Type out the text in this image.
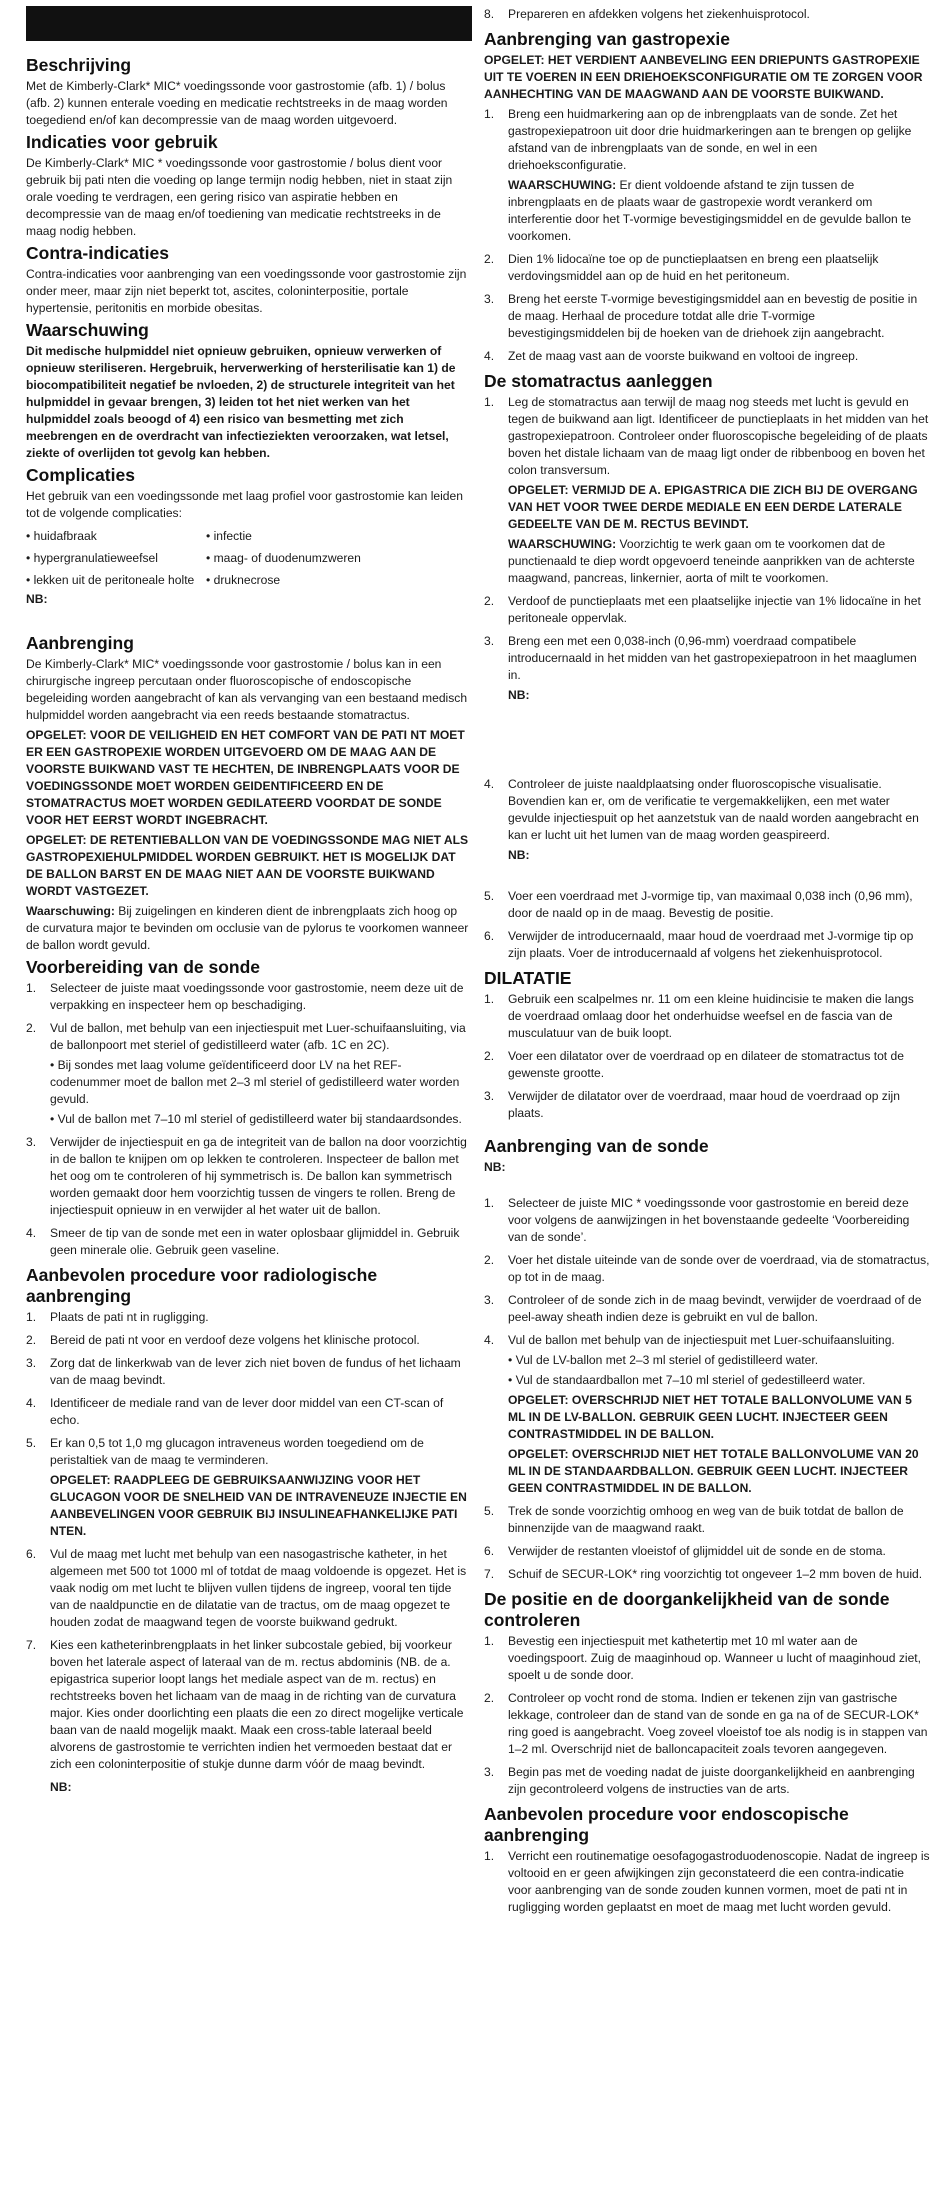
Beschrijving

Met de Kimberly-Clark* MIC* voedingssonde voor gastrostomie (afb. 1) / bolus (afb. 2) kunnen enterale voeding en medicatie rechtstreeks in de maag worden toegediend en/of kan decompressie van de maag worden uitgevoerd.

Indicaties voor gebruik

De Kimberly-Clark* MIC * voedingssonde voor gastrostomie / bolus dient voor gebruik bij pati nten die voeding op lange termijn nodig hebben, niet in staat zijn orale voeding te verdragen, een gering risico van aspiratie hebben en decompressie van de maag en/of toediening van medicatie rechtstreeks in de maag nodig hebben.

Contra-indicaties

Contra-indicaties voor aanbrenging van een voedingssonde voor gastrostomie zijn onder meer, maar zijn niet beperkt tot, ascites, coloninterpositie, portale hypertensie, peritonitis en morbide obesitas.

Waarschuwing

Dit medische hulpmiddel niet opnieuw gebruiken, opnieuw verwerken of opnieuw steriliseren. Hergebruik, herverwerking of hersterilisatie kan 1) de biocompatibiliteit negatief be nvloeden, 2) de structurele integriteit van het hulpmiddel in gevaar brengen, 3) leiden tot het niet werken van het hulpmiddel zoals beoogd of 4) een risico van besmetting met zich meebrengen en de overdracht van infectieziekten veroorzaken, wat letsel, ziekte of overlijden tot gevolg kan hebben.

Complicaties

Het gebruik van een voedingssonde met laag profiel voor gastrostomie kan leiden tot de volgende complicaties:

• huidafbraak	• infectie
• hypergranulatieweefsel	• maag- of duodenumzweren
• lekken uit de peritoneale holte • druknecrose

NB:

Aanbrenging

De Kimberly-Clark* MIC* voedingssonde voor gastrostomie / bolus kan in een chirurgische ingreep percutaan onder fluoroscopische of endoscopische begeleiding worden aangebracht of kan als vervanging van een bestaand medisch hulpmiddel worden aangebracht via een reeds bestaande stomatractus.

OPGELET: VOOR DE VEILIGHEID EN HET COMFORT VAN DE PATI NT MOET ER EEN GASTROPEXIE WORDEN UITGEVOERD OM DE MAAG AAN DE VOORSTE BUIKWAND VAST TE HECHTEN, DE INBRENGPLAATS VOOR DE VOEDINGSSONDE MOET WORDEN GEIDENTIFICEERD EN DE STOMATRACTUS MOET WORDEN GEDILATEERD VOORDAT DE SONDE VOOR HET EERST WORDT INGEBRACHT.

OPGELET: DE RETENTIEBALLON VAN DE VOEDINGSSONDE MAG NIET ALS GASTROPEXIEHULPMIDDEL WORDEN GEBRUIKT. HET IS MOGELIJK DAT DE BALLON BARST EN DE MAAG NIET AAN DE VOORSTE BUIKWAND WORDT VASTGEZET.

Waarschuwing: Bij zuigelingen en kinderen dient de inbrengplaats zich hoog op de curvatura major te bevinden om occlusie van de pylorus te voorkomen wanneer de ballon wordt gevuld.

Voorbereiding van de sonde
1. Selecteer de juiste maat voedingssonde voor gastrostomie, neem deze uit de verpakking en inspecteer hem op beschadiging.
2. Vul de ballon, met behulp van een injectiespuit met Luer-schuifaansluiting, via de ballonpoort met steriel of gedistilleerd water (afb. 1C en 2C).
• Bij sondes met laag volume geïdentificeerd door LV na het REF-codenummer moet de ballon met 2–3 ml steriel of gedistilleerd water worden gevuld.
• Vul de ballon met 7–10 ml steriel of gedistilleerd water bij standaardsondes.
3. Verwijder de injectiespuit en ga de integriteit van de ballon na door voorzichtig in de ballon te knijpen om op lekken te controleren. Inspecteer de ballon met het oog om te controleren of hij symmetrisch is. De ballon kan symmetrisch worden gemaakt door hem voorzichtig tussen de vingers te rollen. Breng de injectiespuit opnieuw in en verwijder al het water uit de ballon.
4. Smeer de tip van de sonde met een in water oplosbaar glijmiddel in. Gebruik geen minerale olie. Gebruik geen vaseline.
Aanbevolen procedure voor radiologische aanbrenging
1. Plaats de pati nt in rugligging.
2. Bereid de pati nt voor en verdoof deze volgens het klinische protocol.
3. Zorg dat de linkerkwab van de lever zich niet boven de fundus of het lichaam van de maag bevindt.
4. Identificeer de mediale rand van de lever door middel van een CT-scan of echo.
5. Er kan 0,5 tot 1,0 mg glucagon intraveneus worden toegediend om de peristaltiek van de maag te verminderen.
OPGELET: RAADPLEEG DE GEBRUIKSAANWIJZING VOOR HET GLUCAGON VOOR DE SNELHEID VAN DE INTRAVENEUZE INJECTIE EN AANBEVELINGEN VOOR GEBRUIK BIJ INSULINEAFHANKELIJKE PATI NTEN.
6. Vul de maag met lucht met behulp van een nasogastrische katheter, in het algemeen met 500 tot 1000 ml of totdat de maag voldoende is opgezet. Het is vaak nodig om met lucht te blijven vullen tijdens de ingreep, vooral ten tijde van de naaldpunctie en de dilatatie van de tractus, om de maag opgezet te houden zodat de maagwand tegen de voorste buikwand gedrukt.
7. Kies een katheterinbrengplaats in het linker subcostale gebied, bij voorkeur boven het laterale aspect of lateraal van de m. rectus abdominis (NB. de a. epigastrica superior loopt langs het mediale aspect van de m. rectus) en rechtstreeks boven het lichaam van de maag in de richting van de curvatura major. Kies onder doorlichting een plaats die een zo direct mogelijke verticale baan van de naald mogelijk maakt. Maak een cross-table lateraal beeld alvorens de gastrostomie te verrichten indien het vermoeden bestaat dat er zich een coloninterpositie of stukje dunne darm vóór de maag bevindt.

NB:

8. Prepareren en afdekken volgens het ziekenhuisprotocol.
Aanbrenging van gastropexie

OPGELET: HET VERDIENT AANBEVELING EEN DRIEPUNTS GASTROPEXIE UIT TE VOEREN IN EEN DRIEHOEKSCONFIGURATIE OM TE ZORGEN VOOR AANHECHTING VAN DE MAAGWAND AAN DE VOORSTE BUIKWAND.

1. Breng een huidmarkering aan op de inbrengplaats van de sonde. Zet het gastropexiepatroon uit door drie huidmarkeringen aan te brengen op gelijke afstand van de inbrengplaats van de sonde, en wel in een driehoeksconfiguratie.
WAARSCHUWING: Er dient voldoende afstand te zijn tussen de inbrengplaats en de plaats waar de gastropexie wordt verankerd om interferentie door het T-vormige bevestigingsmiddel en de gevulde ballon te voorkomen.
2. Dien 1% lidocaïne toe op de punctieplaatsen en breng een plaatselijk verdovingsmiddel aan op de huid en het peritoneum.
3. Breng het eerste T-vormige bevestigingsmiddel aan en bevestig de positie in de maag. Herhaal de procedure totdat alle drie T-vormige bevestigingsmiddelen bij de hoeken van de driehoek zijn aangebracht.
4. Zet de maag vast aan de voorste buikwand en voltooi de ingreep.
De stomatractus aanleggen
1. Leg de stomatractus aan terwijl de maag nog steeds met lucht is gevuld en tegen de buikwand aan ligt. Identificeer de punctieplaats in het midden van het gastropexiepatroon. Controleer onder fluoroscopische begeleiding of de plaats boven het distale lichaam van de maag ligt onder de ribbenboog en boven het colon transversum.
OPGELET: VERMIJD DE A. EPIGASTRICA DIE ZICH BIJ DE OVERGANG VAN HET VOOR TWEE DERDE MEDIALE EN EEN DERDE LATERALE GEDEELTE VAN DE M. RECTUS BEVINDT.
WAARSCHUWING: Voorzichtig te werk gaan om te voorkomen dat de punctienaald te diep wordt opgevoerd teneinde aanprikken van de achterste maagwand, pancreas, linkernier, aorta of milt te voorkomen.
2. Verdoof de punctieplaats met een plaatselijke injectie van 1% lidocaïne in het peritoneale oppervlak.
3. Breng een met een 0,038-inch (0,96-mm) voerdraad compatibele introducernaald in het midden van het gastropexiepatroon in het maaglumen in.
NB:
4. Controleer de juiste naaldplaatsing onder fluoroscopische visualisatie. Bovendien kan er, om de verificatie te vergemakkelijken, een met water gevulde injectiespuit op het aanzetstuk van de naald worden aangebracht en kan er lucht uit het lumen van de maag worden geaspireerd.
NB:
5. Voer een voerdraad met J-vormige tip, van maximaal 0,038 inch (0,96 mm), door de naald op in de maag. Bevestig de positie.
6. Verwijder de introducernaald, maar houd de voerdraad met J-vormige tip op zijn plaats. Voer de introducernaald af volgens het ziekenhuisprotocol.
DILATATIE
1. Gebruik een scalpelmes nr. 11 om een kleine huidincisie te maken die langs de voerdraad omlaag door het onderhuidse weefsel en de fascia van de musculatuur van de buik loopt.
2. Voer een dilatator over de voerdraad op en dilateer de stomatractus tot de gewenste grootte.
3. Verwijder de dilatator over de voerdraad, maar houd de voerdraad op zijn plaats.
Aanbrenging van de sonde

NB:

1. Selecteer de juiste MIC * voedingssonde voor gastrostomie en bereid deze voor volgens de aanwijzingen in het bovenstaande gedeelte ‘Voorbereiding van de sonde’.
2. Voer het distale uiteinde van de sonde over de voerdraad, via de stomatractus, op tot in de maag.
3. Controleer of de sonde zich in de maag bevindt, verwijder de voerdraad of de peel-away sheath indien deze is gebruikt en vul de ballon.
4. Vul de ballon met behulp van de injectiespuit met Luer-schuifaansluiting.
• Vul de LV-ballon met 2–3 ml steriel of gedistilleerd water.
• Vul de standaardballon met 7–10 ml steriel of gedestilleerd water.
OPGELET: OVERSCHRIJD NIET HET TOTALE BALLONVOLUME VAN 5 ML IN DE LV-BALLON. GEBRUIK GEEN LUCHT. INJECTEER GEEN CONTRASTMIDDEL IN DE BALLON.
OPGELET: OVERSCHRIJD NIET HET TOTALE BALLONVOLUME VAN 20 ML IN DE STANDAARDBALLON. GEBRUIK GEEN LUCHT. INJECTEER GEEN CONTRASTMIDDEL IN DE BALLON.
5. Trek de sonde voorzichtig omhoog en weg van de buik totdat de ballon de binnenzijde van de maagwand raakt.
6. Verwijder de restanten vloeistof of glijmiddel uit de sonde en de stoma.
7. Schuif de SECUR-LOK* ring voorzichtig tot ongeveer 1–2 mm boven de huid.
De positie en de doorgankelijkheid van de sonde controleren
1. Bevestig een injectiespuit met kathetertip met 10 ml water aan de voedingspoort. Zuig de maaginhoud op. Wanneer u lucht of maaginhoud ziet, spoelt u de sonde door.
2. Controleer op vocht rond de stoma. Indien er tekenen zijn van gastrische lekkage, controleer dan de stand van de sonde en ga na of de SECUR-LOK* ring goed is aangebracht. Voeg zoveel vloeistof toe als nodig is in stappen van 1–2 ml. Overschrijd niet de balloncapaciteit zoals tevoren aangegeven.
3. Begin pas met de voeding nadat de juiste doorgankelijkheid en aanbrenging zijn gecontroleerd volgens de instructies van de arts.
Aanbevolen procedure voor endoscopische aanbrenging
1. Verricht een routinematige oesofagogastroduodenoscopie. Nadat de ingreep is voltooid en er geen afwijkingen zijn geconstateerd die een contra-indicatie voor aanbrenging van de sonde zouden kunnen vormen, moet de pati nt in rugligging worden geplaatst en moet de maag met lucht worden gevuld.
